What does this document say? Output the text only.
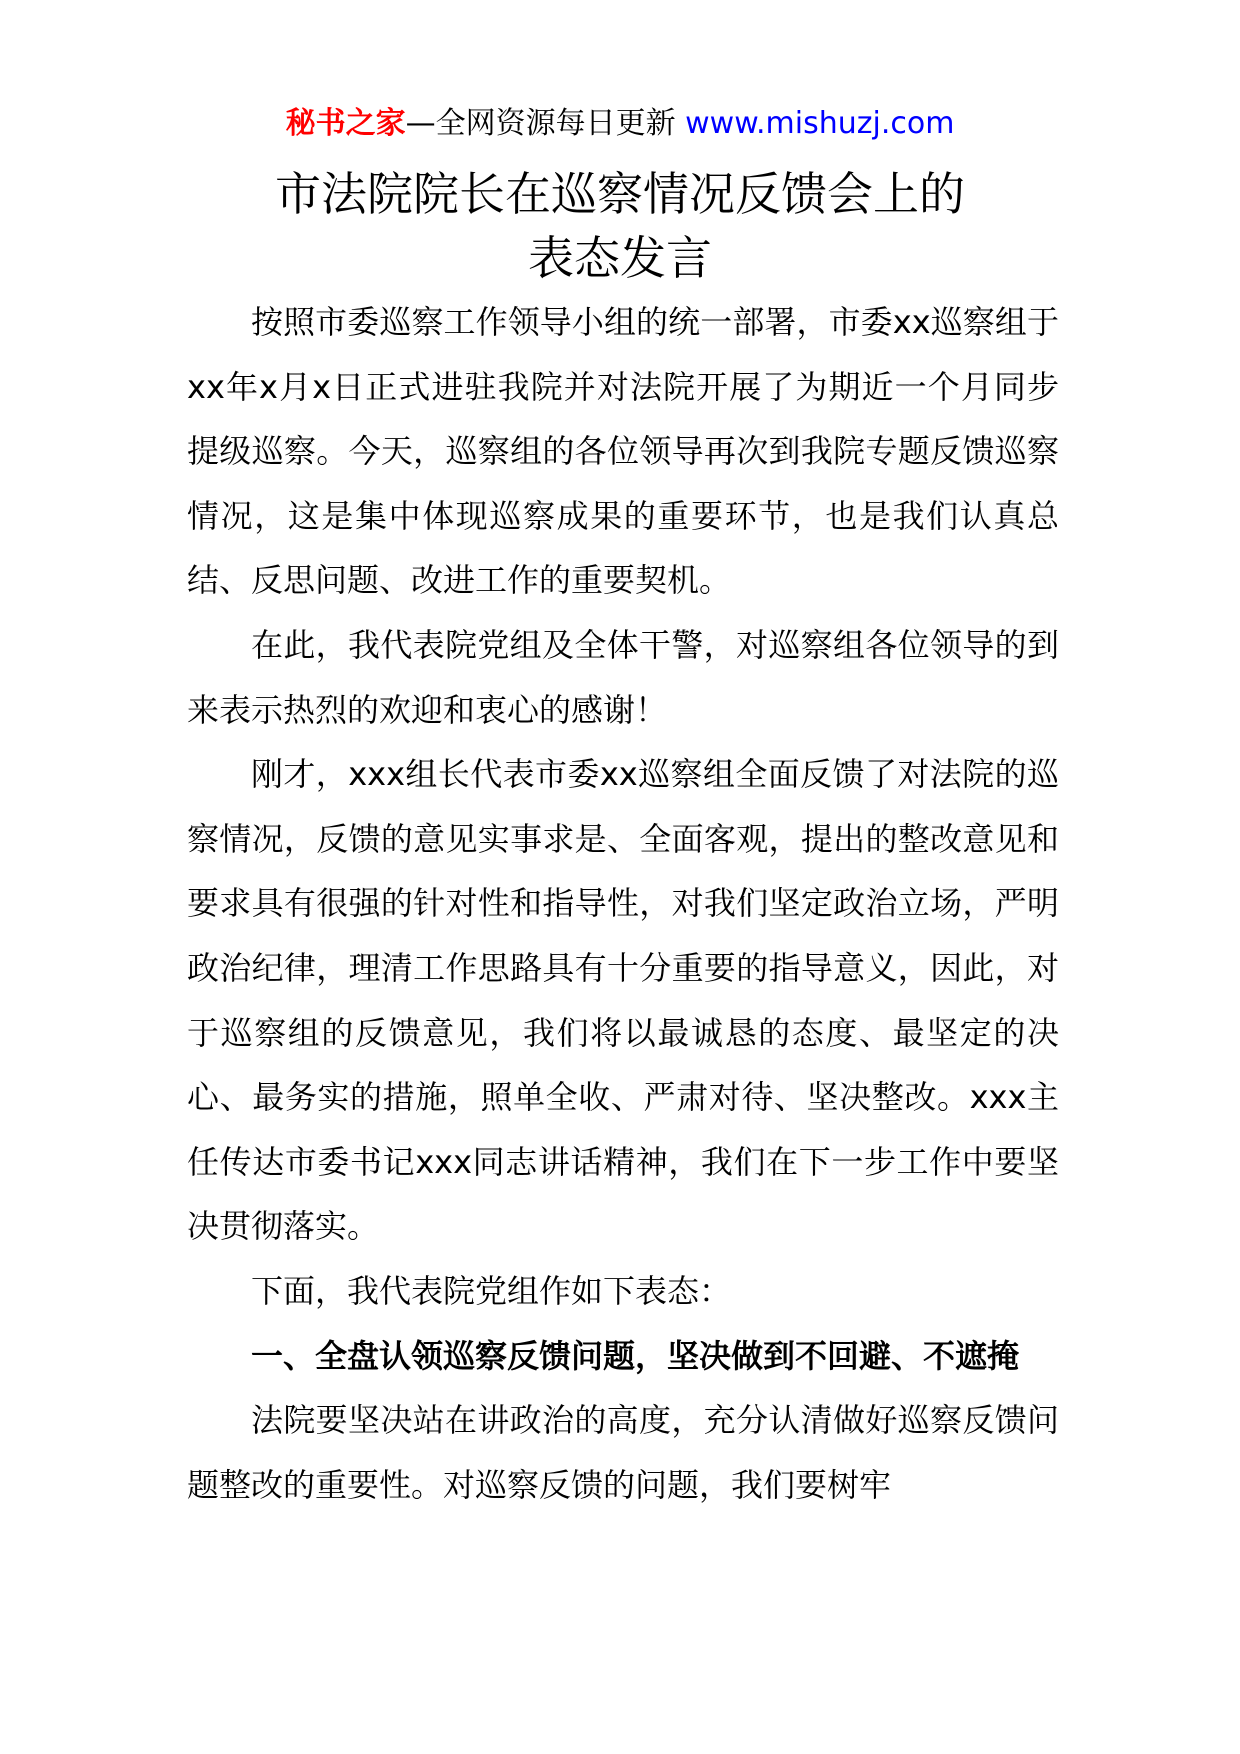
秘书之家—全网资源每日更新 www.mishuzj.com
市法院院长在巡察情况反馈会上的
表态发言

按照市委巡察工作领导小组的统一部署，市委xx巡察组于xx年x月x日正式进驻我院并对法院开展了为期近一个月同步提级巡察。今天，巡察组的各位领导再次到我院专题反馈巡察情况，这是集中体现巡察成果的重要环节，也是我们认真总结、反思问题、改进工作的重要契机。

在此，我代表院党组及全体干警，对巡察组各位领导的到来表示热烈的欢迎和衷心的感谢！

刚才，xxx组长代表市委xx巡察组全面反馈了对法院的巡察情况，反馈的意见实事求是、全面客观，提出的整改意见和要求具有很强的针对性和指导性，对我们坚定政治立场，严明政治纪律，理清工作思路具有十分重要的指导意义，因此，对于巡察组的反馈意见，我们将以最诚恳的态度、最坚定的决心、最务实的措施，照单全收、严肃对待、坚决整改。xxx主任传达市委书记xxx同志讲话精神，我们在下一步工作中要坚决贯彻落实。

下面，我代表院党组作如下表态：

一、全盘认领巡察反馈问题，坚决做到不回避、不遮掩

法院要坚决站在讲政治的高度，充分认清做好巡察反馈问题整改的重要性。对巡察反馈的问题，我们要树牢
